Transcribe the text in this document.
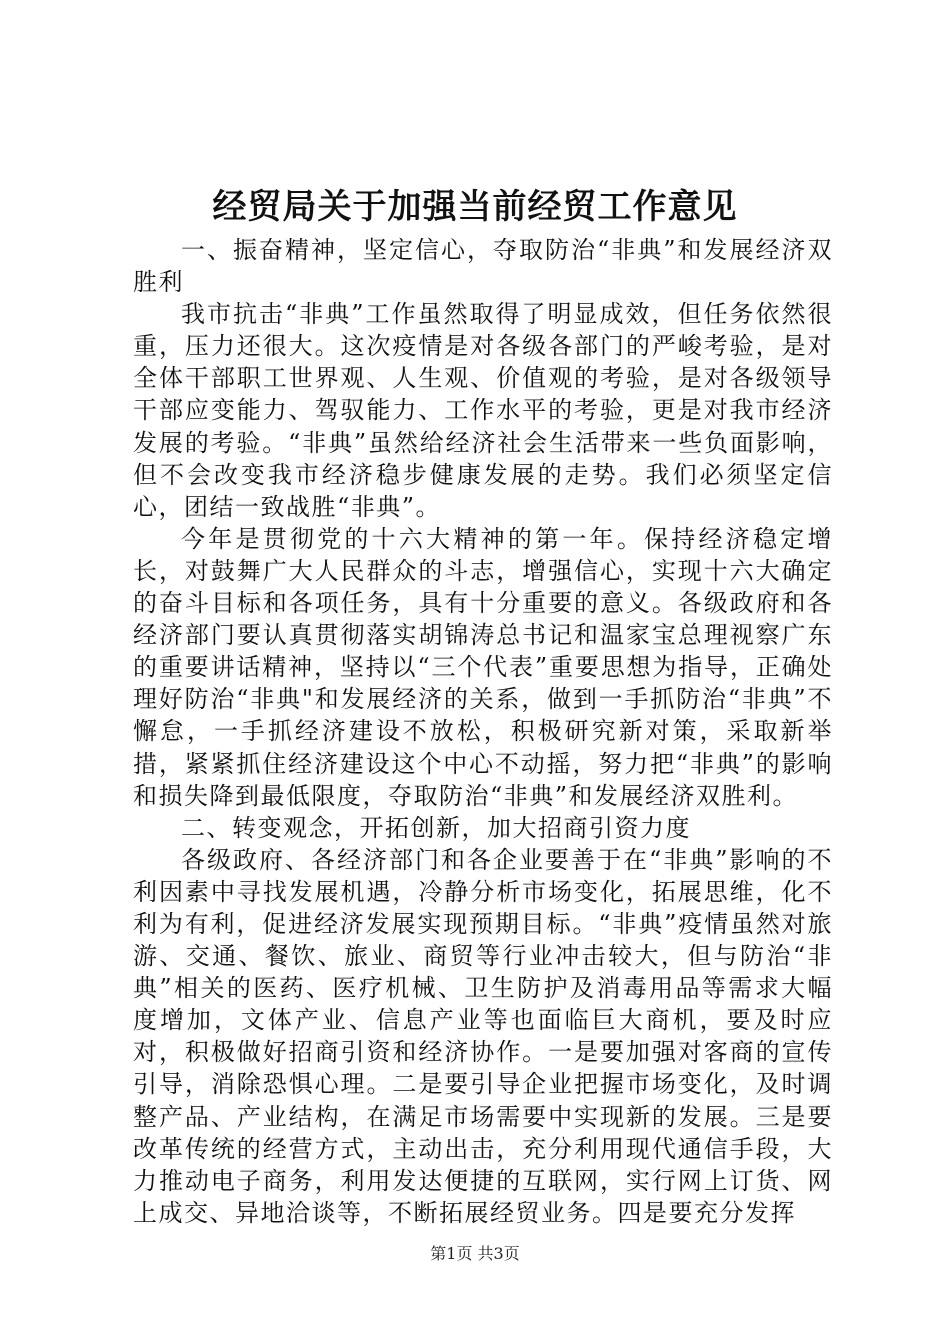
经贸局关于加强当前经贸工作意见

一、振奋精神，坚定信心，夺取防治“非典”和发展经济双胜利

我市抗击“非典”工作虽然取得了明显成效，但任务依然很重，压力还很大。这次疫情是对各级各部门的严峻考验，是对全体干部职工世界观、人生观、价值观的考验，是对各级领导干部应变能力、驾驭能力、工作水平的考验，更是对我市经济发展的考验。“非典”虽然给经济社会生活带来一些负面影响，但不会改变我市经济稳步健康发展的走势。我们必须坚定信心，团结一致战胜“非典”。

今年是贯彻党的十六大精神的第一年。保持经济稳定增长，对鼓舞广大人民群众的斗志，增强信心，实现十六大确定的奋斗目标和各项任务，具有十分重要的意义。各级政府和各经济部门要认真贯彻落实胡锦涛总书记和温家宝总理视察广东的重要讲话精神，坚持以“三个代表”重要思想为指导，正确处理好防治“非典"和发展经济的关系，做到一手抓防治“非典”不懈怠，一手抓经济建设不放松，积极研究新对策，采取新举措，紧紧抓住经济建设这个中心不动摇，努力把“非典”的影响和损失降到最低限度，夺取防治“非典”和发展经济双胜利。

二、转变观念，开拓创新，加大招商引资力度

各级政府、各经济部门和各企业要善于在“非典”影响的不利因素中寻找发展机遇，冷静分析市场变化，拓展思维，化不利为有利，促进经济发展实现预期目标。“非典”疫情虽然对旅游、交通、餐饮、旅业、商贸等行业冲击较大，但与防治“非典”相关的医药、医疗机械、卫生防护及消毒用品等需求大幅度增加，文体产业、信息产业等也面临巨大商机，要及时应对，积极做好招商引资和经济协作。一是要加强对客商的宣传引导，消除恐惧心理。二是要引导企业把握市场变化，及时调整产品、产业结构，在满足市场需要中实现新的发展。三是要改革传统的经营方式，主动出击，充分利用现代通信手段，大力推动电子商务，利用发达便捷的互联网，实行网上订货、网上成交、异地洽谈等，不断拓展经贸业务。四是要充分发挥

第1页 共3页
